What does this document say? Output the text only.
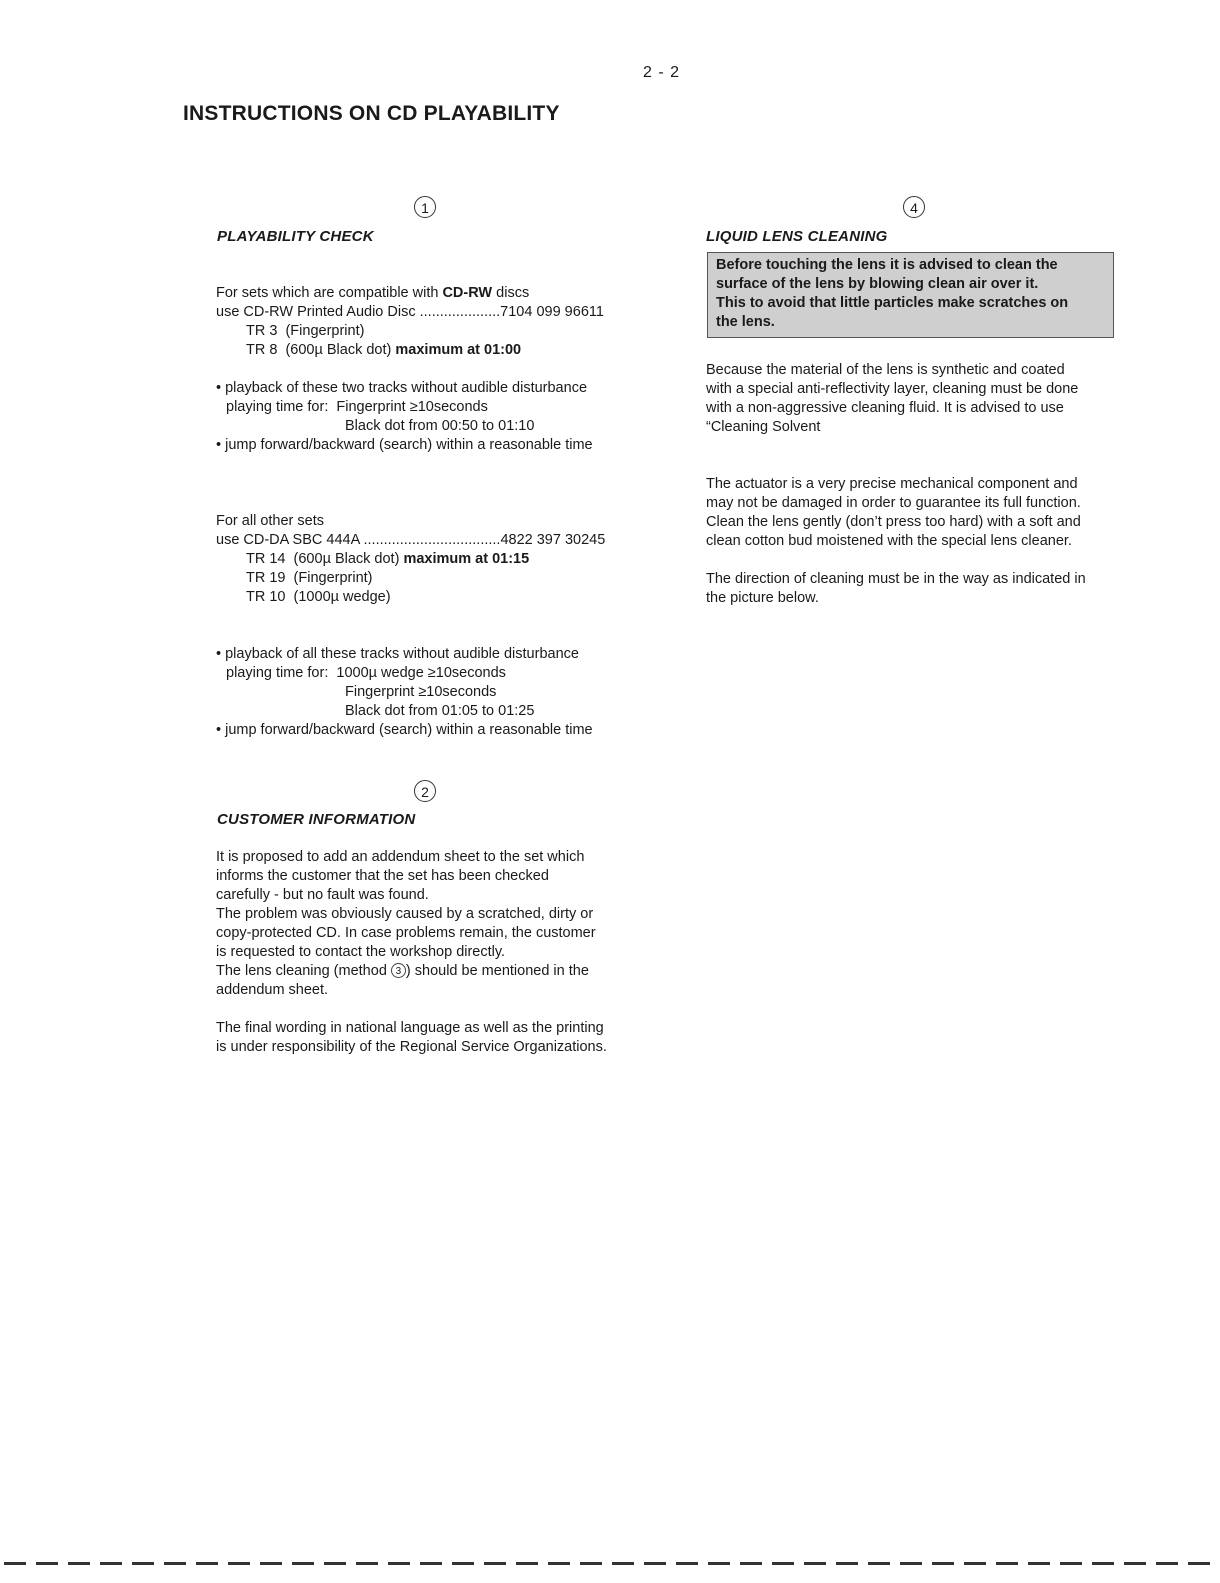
2 - 2
INSTRUCTIONS ON CD PLAYABILITY
1
PLAYABILITY CHECK
For sets which are compatible with CD-RW discs
use CD-RW Printed Audio Disc ....................7104 099 96611
TR 3  (Fingerprint)
TR 8  (600µ Black dot) maximum at 01:00
• playback of these two tracks without audible disturbance
playing time for:  Fingerprint ≥10seconds
Black dot from 00:50 to 01:10
• jump forward/backward (search) within a reasonable time
For all other sets
use CD-DA SBC 444A ..................................4822 397 30245
TR 14  (600µ Black dot) maximum at 01:15
TR 19  (Fingerprint)
TR 10  (1000µ wedge)
• playback of all these tracks without audible disturbance
playing time for:  1000µ wedge ≥10seconds
Fingerprint ≥10seconds
Black dot from 01:05 to 01:25
• jump forward/backward (search) within a reasonable time
2
CUSTOMER INFORMATION
It is proposed to add an addendum sheet to the set which
informs the customer that the set has been checked
carefully - but no fault was found.
The problem was obviously caused by a scratched, dirty or
copy-protected CD. In case problems remain, the customer
is requested to contact the workshop directly.
The lens cleaning (method 3 ) should be mentioned in the
addendum sheet.
The final wording in national language as well as the printing
is under responsibility of the Regional Service Organizations.
4
LIQUID LENS CLEANING
Before touching the lens it is advised to clean the
surface of the lens by blowing clean air over it.
This to avoid that little particles make scratches on
the lens.
Because the material of the lens is synthetic and coated
with a special anti-reflectivity layer, cleaning must be done
with a non-aggressive cleaning fluid. It is advised to use
“Cleaning Solvent
The actuator is a very precise mechanical component and
may not be damaged in order to guarantee its full function.
Clean the lens gently (don’t press too hard) with a soft and
clean cotton bud moistened with the special lens cleaner.
The direction of cleaning must be in the way as indicated in
the picture below.
